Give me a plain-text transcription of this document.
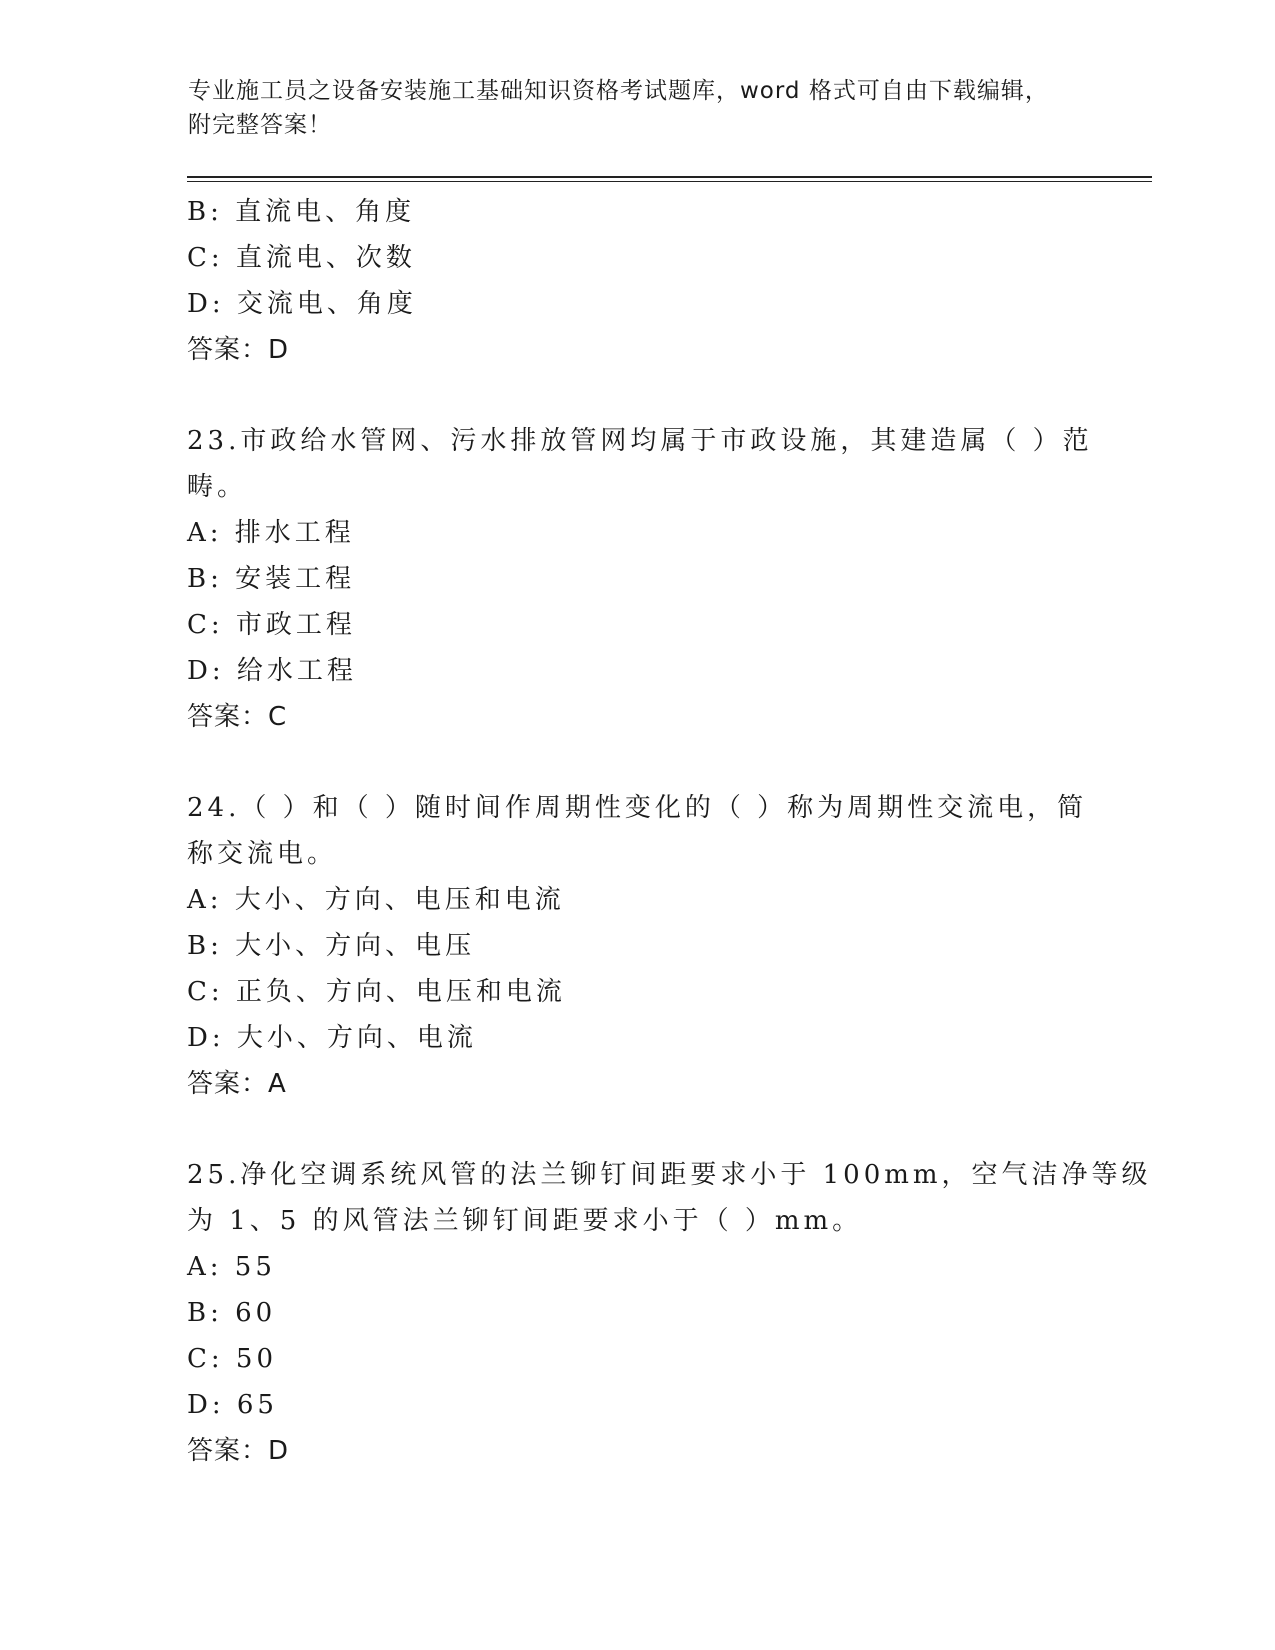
专业施工员之设备安装施工基础知识资格考试题库，word 格式可自由下载编辑，
附完整答案！
B: 直流电、角度
C: 直流电、次数
D: 交流电、角度
答案：D
23.市政给水管网、污水排放管网均属于市政设施，其建造属（ ）范
畴。
A: 排水工程
B: 安装工程
C: 市政工程
D: 给水工程
答案：C
24.（ ）和（ ）随时间作周期性变化的（ ）称为周期性交流电，简
称交流电。
A: 大小、方向、电压和电流
B: 大小、方向、电压
C: 正负、方向、电压和电流
D: 大小、方向、电流
答案：A
25.净化空调系统风管的法兰铆钉间距要求小于 100mm，空气洁净等级
为 1、5 的风管法兰铆钉间距要求小于（ ）mm。
A: 55
B: 60
C: 50
D: 65
答案：D
